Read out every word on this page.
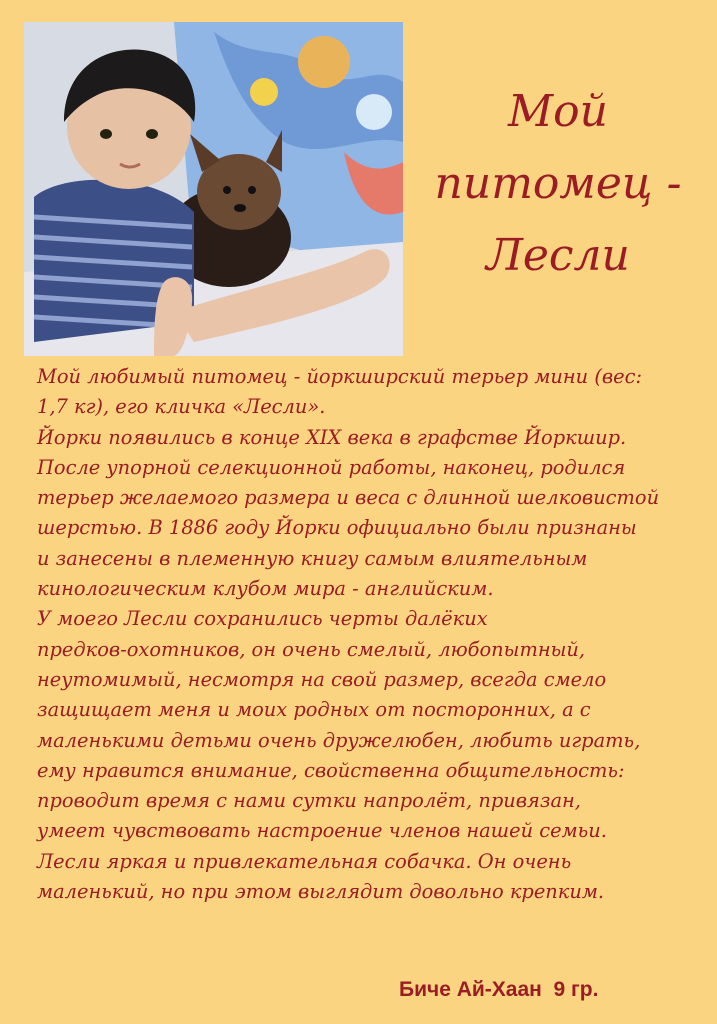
Мой
питомец -
Лесли
Мой любимый питомец - йоркширский терьер мини (вес:
1,7 кг), его кличка «Лесли».
Йорки появились в конце XIX века в графстве Йоркшир.
После упорной селекционной работы, наконец, родился
терьер желаемого размера и веса с длинной шелковистой
шерстью. В 1886 году Йорки официально были признаны
и занесены в племенную книгу самым влиятельным
кинологическим клубом мира - английским.
У моего Лесли сохранились черты далёких
предков-охотников, он очень смелый, любопытный,
неутомимый, несмотря на свой размер, всегда смело
защищает меня и моих родных от посторонних, а с
маленькими детьми очень дружелюбен, любить играть,
ему нравится внимание, свойственна общительность:
проводит время с нами сутки напролёт, привязан,
умеет чувствовать настроение членов нашей семьи.
Лесли яркая и привлекательная собачка. Он очень
маленький, но при этом выглядит довольно крепким.
Биче Ай-Хаан  9 гр.
